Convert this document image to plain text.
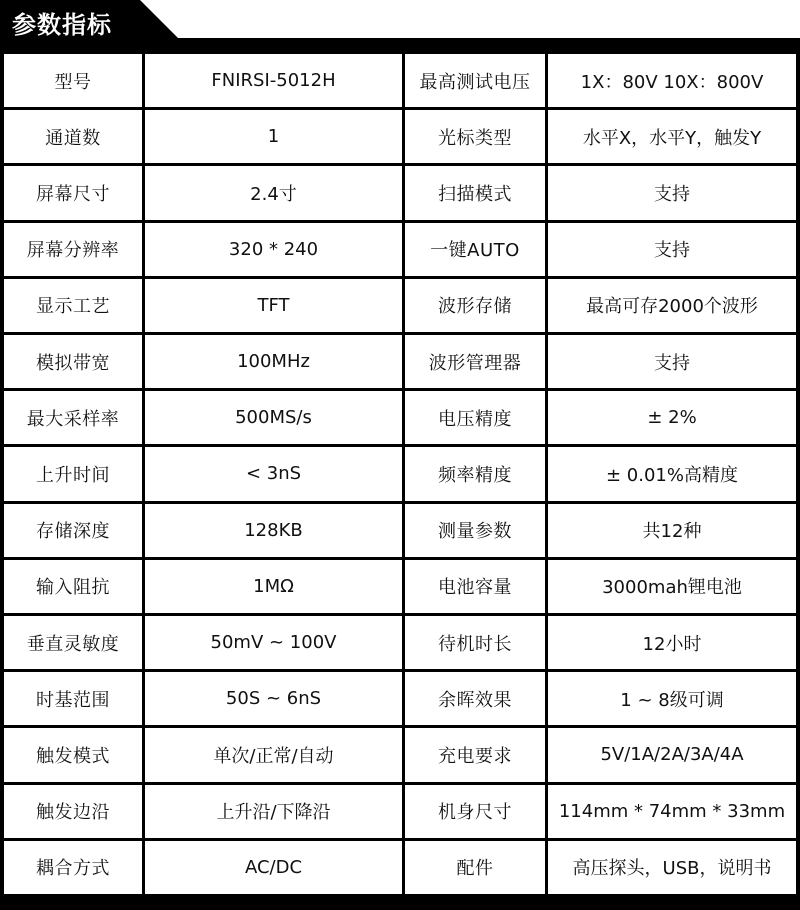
参数指标
型号	FNIRSI-5012H	最高测试电压	1X：80V 10X：800V
通道数	1	光标类型	水平X，水平Y，触发Y
屏幕尺寸	2.4寸	扫描模式	支持
屏幕分辨率	320 * 240	一键AUTO	支持
显示工艺	TFT	波形存储	最高可存2000个波形
模拟带宽	100MHz	波形管理器	支持
最大采样率	500MS/s	电压精度	± 2%
上升时间	< 3nS	频率精度	± 0.01%高精度
存储深度	128KB	测量参数	共12种
输入阻抗	1MΩ	电池容量	3000mah锂电池
垂直灵敏度	50mV ~ 100V	待机时长	12小时
时基范围	50S ~ 6nS	余晖效果	1 ~ 8级可调
触发模式	单次/正常/自动	充电要求	5V/1A/2A/3A/4A
触发边沿	上升沿/下降沿	机身尺寸	114mm * 74mm * 33mm
耦合方式	AC/DC	配件	高压探头，USB，说明书
